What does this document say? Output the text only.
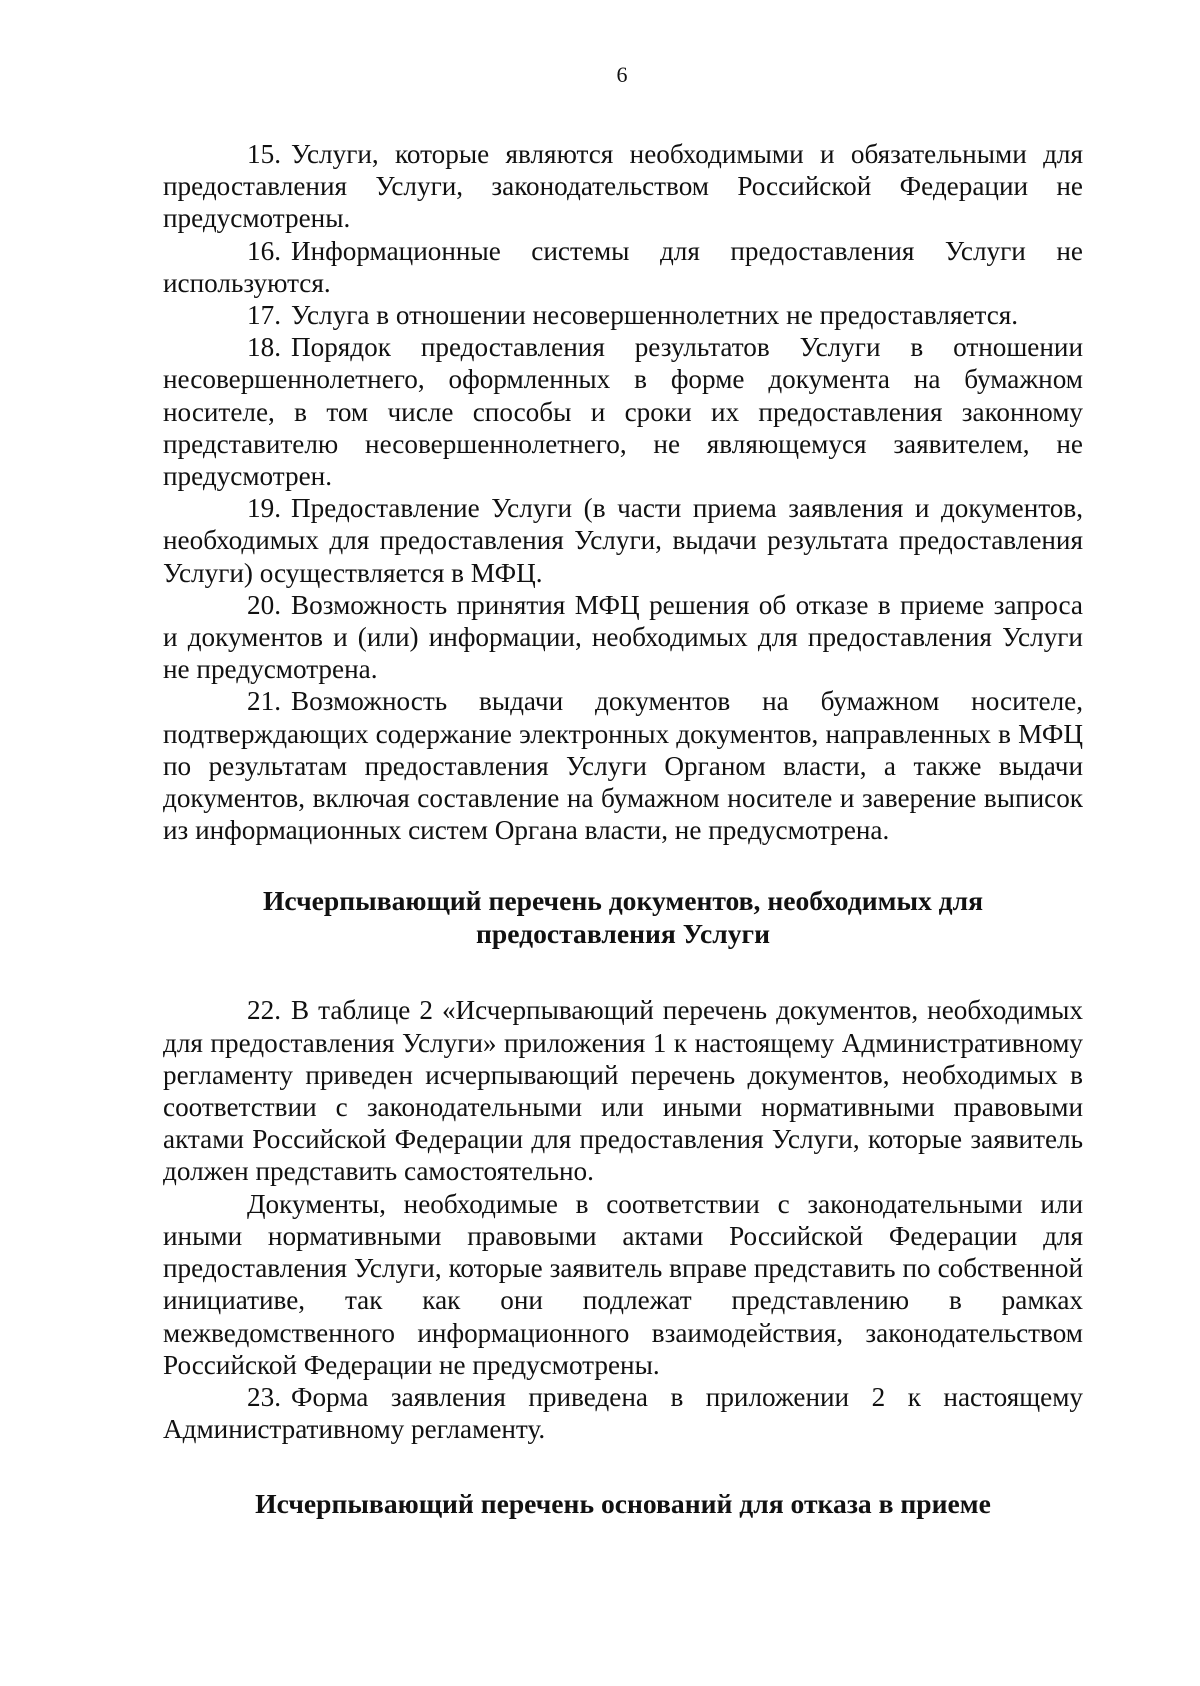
6

15. Услуги, которые являются необходимыми и обязательными для предоставления Услуги, законодательством Российской Федерации не предусмотрены.

16. Информационные системы для предоставления Услуги не используются.

17. Услуга в отношении несовершеннолетних не предоставляется.

18. Порядок предоставления результатов Услуги в отношении несовершеннолетнего, оформленных в форме документа на бумажном носителе, в том числе способы и сроки их предоставления законному представителю несовершеннолетнего, не являющемуся заявителем, не предусмотрен.

19. Предоставление Услуги (в части приема заявления и документов, необходимых для предоставления Услуги, выдачи результата предоставления Услуги) осуществляется в МФЦ.

20. Возможность принятия МФЦ решения об отказе в приеме запроса и документов и (или) информации, необходимых для предоставления Услуги не предусмотрена.

21. Возможность выдачи документов на бумажном носителе, подтверждающих содержание электронных документов, направленных в МФЦ по результатам предоставления Услуги Органом власти, а также выдачи документов, включая составление на бумажном носителе и заверение выписок из информационных систем Органа власти, не предусмотрена.

Исчерпывающий перечень документов, необходимых для
предоставления Услуги

22. В таблице 2 «Исчерпывающий перечень документов, необходимых для предоставления Услуги» приложения 1 к настоящему Административному регламенту приведен исчерпывающий перечень документов, необходимых в соответствии с законодательными или иными нормативными правовыми актами Российской Федерации для предоставления Услуги, которые заявитель должен представить самостоятельно.

Документы, необходимые в соответствии с законодательными или иными нормативными правовыми актами Российской Федерации для предоставления Услуги, которые заявитель вправе представить по собственной инициативе, так как они подлежат представлению в рамках межведомственного информационного взаимодействия, законодательством Российской Федерации не предусмотрены.

23. Форма заявления приведена в приложении 2 к настоящему Административному регламенту.

Исчерпывающий перечень оснований для отказа в приеме
